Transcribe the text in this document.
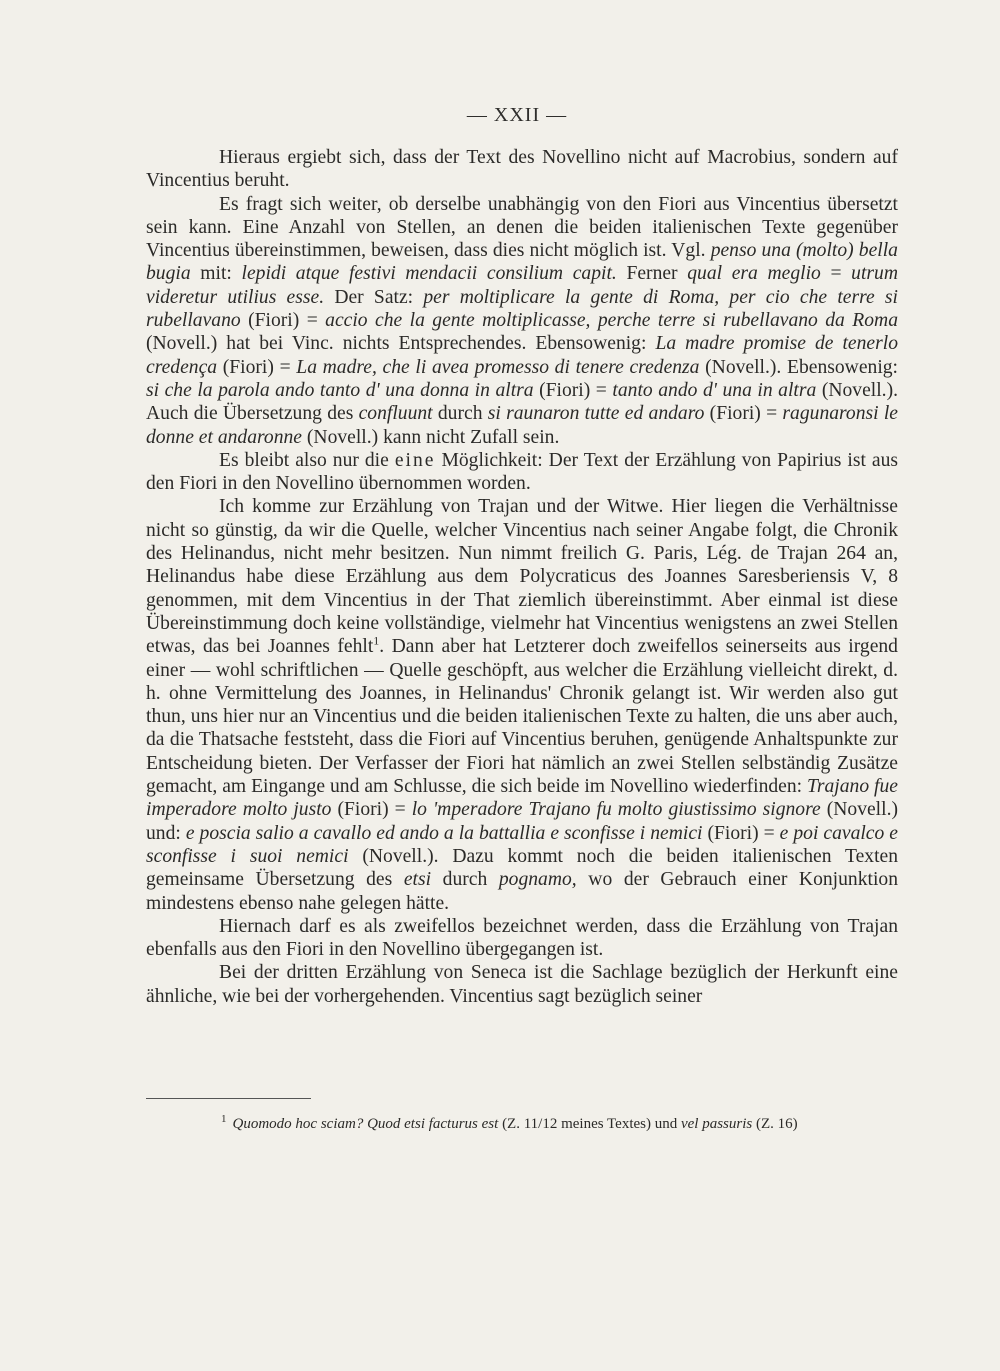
— XXII —

Hieraus ergiebt sich, dass der Text des Novellino nicht auf Macrobius, sondern auf Vincentius beruht.

Es fragt sich weiter, ob derselbe unabhängig von den Fiori aus Vincentius übersetzt sein kann. Eine Anzahl von Stellen, an denen die beiden italienischen Texte gegenüber Vincentius übereinstimmen, beweisen, dass dies nicht möglich ist. Vgl. penso una (molto) bella bugia mit: lepidi atque festivi mendacii consilium capit. Ferner qual era meglio = utrum videretur utilius esse. Der Satz: per moltiplicare la gente di Roma, per cio che terre si rubellavano (Fiori) = accio che la gente moltiplicasse, perche terre si rubellavano da Roma (Novell.) hat bei Vinc. nichts Entsprechendes. Ebensowenig: La madre promise de tenerlo credença (Fiori) = La madre, che li avea promesso di tenere credenza (Novell.). Ebensowenig: si che la parola ando tanto d' una donna in altra (Fiori) = tanto ando d' una in altra (Novell.). Auch die Übersetzung des confluunt durch si raunaron tutte ed andaro (Fiori) = ragunaronsi le donne et andaronne (Novell.) kann nicht Zufall sein.

Es bleibt also nur die eine Möglichkeit: Der Text der Erzählung von Papirius ist aus den Fiori in den Novellino übernommen worden.

Ich komme zur Erzählung von Trajan und der Witwe. Hier liegen die Verhältnisse nicht so günstig, da wir die Quelle, welcher Vincentius nach seiner Angabe folgt, die Chronik des Helinandus, nicht mehr besitzen. Nun nimmt freilich G. Paris, Lég. de Trajan 264 an, Helinandus habe diese Erzählung aus dem Polycraticus des Joannes Saresberiensis V, 8 genommen, mit dem Vincentius in der That ziemlich übereinstimmt. Aber einmal ist diese Übereinstimmung doch keine vollständige, vielmehr hat Vincentius wenigstens an zwei Stellen etwas, das bei Joannes fehlt$^1$. Dann aber hat Letzterer doch zweifellos seinerseits aus irgend einer — wohl schriftlichen — Quelle geschöpft, aus welcher die Erzählung vielleicht direkt, d. h. ohne Vermittelung des Joannes, in Helinandus' Chronik gelangt ist. Wir werden also gut thun, uns hier nur an Vincentius und die beiden italienischen Texte zu halten, die uns aber auch, da die Thatsache feststeht, dass die Fiori auf Vincentius beruhen, genügende Anhaltspunkte zur Entscheidung bieten. Der Verfasser der Fiori hat nämlich an zwei Stellen selbständig Zusätze gemacht, am Eingange und am Schlusse, die sich beide im Novellino wiederfinden: Trajano fue imperadore molto justo (Fiori) = lo 'mperadore Trajano fu molto giustissimo signore (Novell.) und: e poscia salio a cavallo ed ando a la battallia e sconfisse i nemici (Fiori) = e poi cavalco e sconfisse i suoi nemici (Novell.). Dazu kommt noch die beiden italienischen Texten gemeinsame Übersetzung des etsi durch pognamo, wo der Gebrauch einer Konjunktion mindestens ebenso nahe gelegen hätte.

Hiernach darf es als zweifellos bezeichnet werden, dass die Erzählung von Trajan ebenfalls aus den Fiori in den Novellino übergegangen ist.

Bei der dritten Erzählung von Seneca ist die Sachlage bezüglich der Herkunft eine ähnliche, wie bei der vorhergehenden. Vincentius sagt bezüglich seiner

$^1$ Quomodo hoc sciam? Quod etsi facturus est (Z. 11/12 meines Textes) und vel passuris (Z. 16)
